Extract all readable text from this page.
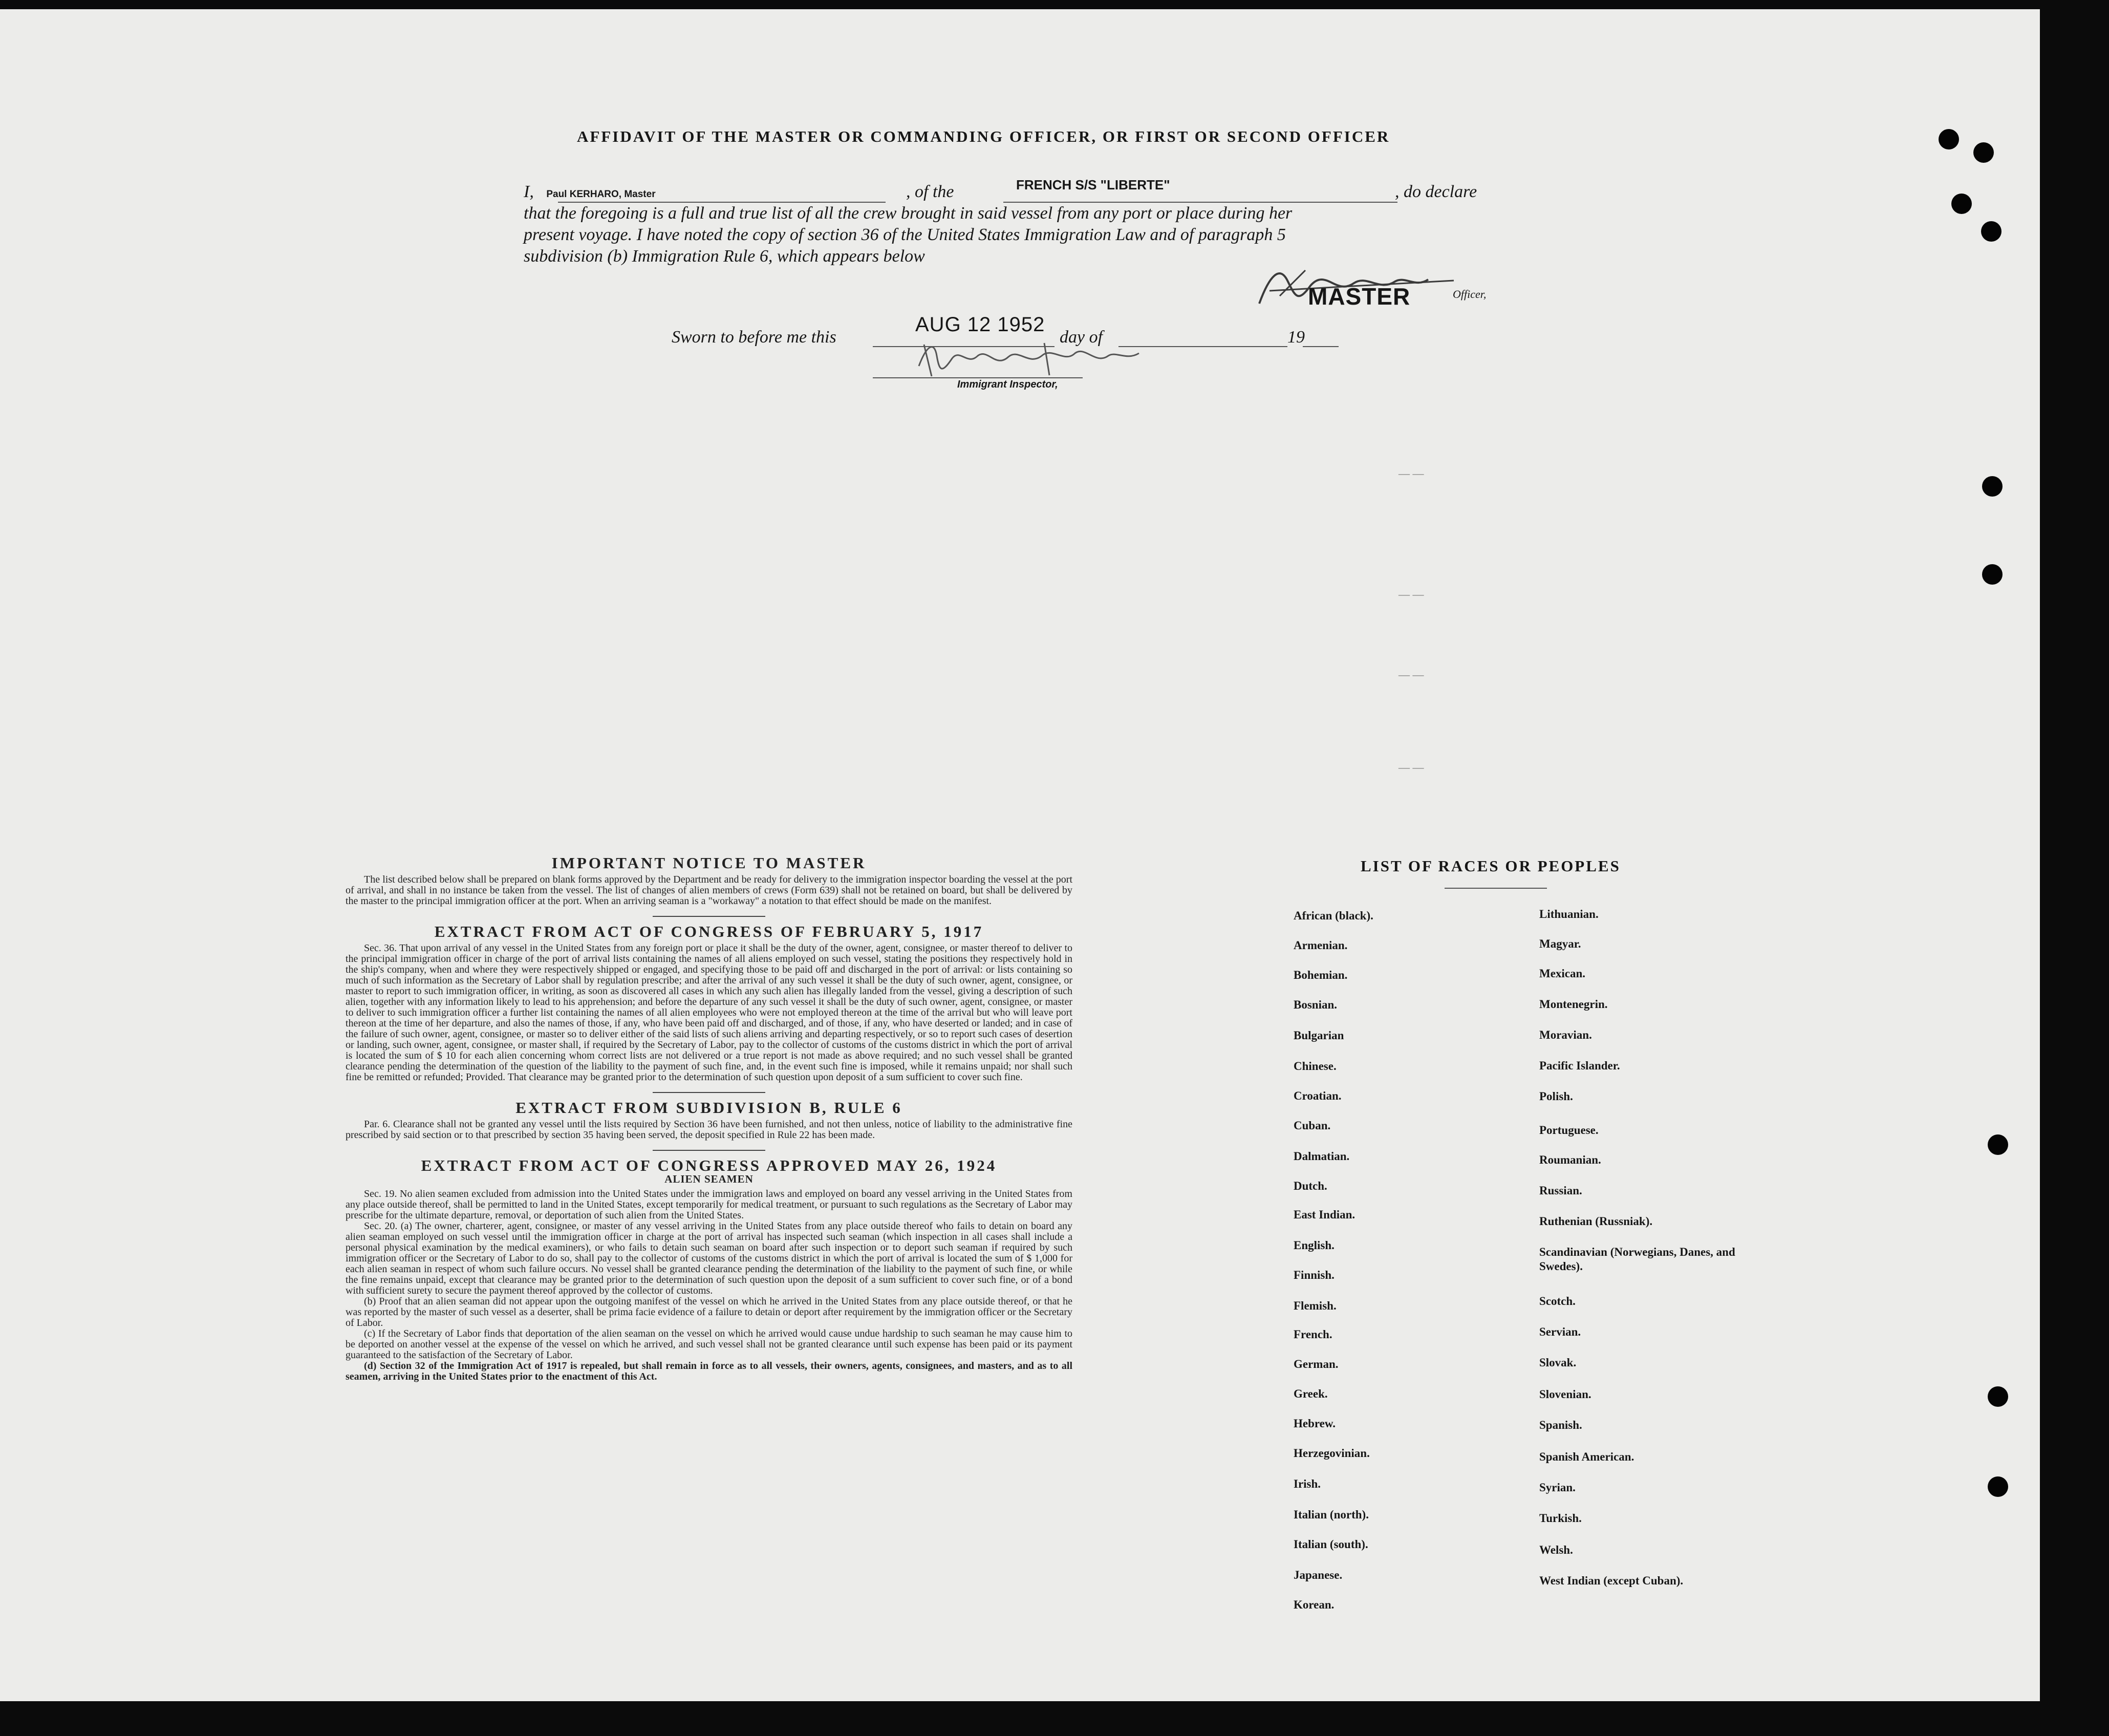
AFFIDAVIT OF THE MASTER OR COMMANDING OFFICER, OR FIRST OR SECOND OFFICER
I, Paul KERHARO, Master	, of the	FRENCH S/S "LIBERTE"	, do declare
that the foregoing is a full and true list of all the crew brought in said vessel from any port or place during her
present voyage. I have noted the copy of section 36 of the United States Immigration Law and of paragraph 5
subdivision (b) Immigration Rule 6, which appears below
MASTER	Officer,
Sworn to before me this
AUG 12 1952
day of	19
Immigrant Inspector,
— —
— —
— —
— —
IMPORTANT NOTICE TO MASTER

The list described below shall be prepared on blank forms approved by the Department and be ready for delivery to the immigration inspector boarding the vessel at the port of arrival, and shall in no instance be taken from the vessel. The list of changes of alien members of crews (Form 639) shall not be retained on board, but shall be delivered by the master to the principal immigration officer at the port. When an arriving seaman is a "workaway" a notation to that effect should be made on the manifest.

EXTRACT FROM ACT OF CONGRESS OF FEBRUARY 5, 1917

Sec. 36. That upon arrival of any vessel in the United States from any foreign port or place it shall be the duty of the owner, agent, consignee, or master thereof to deliver to the principal immigration officer in charge of the port of arrival lists containing the names of all aliens employed on such vessel, stating the positions they respectively hold in the ship's company, when and where they were respectively shipped or engaged, and specifying those to be paid off and discharged in the port of arrival: or lists containing so much of such information as the Secretary of Labor shall by regulation prescribe; and after the arrival of any such vessel it shall be the duty of such owner, agent, consignee, or master to report to such immigration officer, in writing, as soon as discovered all cases in which any such alien has illegally landed from the vessel, giving a description of such alien, together with any information likely to lead to his apprehension; and before the departure of any such vessel it shall be the duty of such owner, agent, consignee, or master to deliver to such immigration officer a further list containing the names of all alien employees who were not employed thereon at the time of the arrival but who will leave port thereon at the time of her departure, and also the names of those, if any, who have been paid off and discharged, and of those, if any, who have deserted or landed; and in case of the failure of such owner, agent, consignee, or master so to deliver either of the said lists of such aliens arriving and departing respectively, or so to report such cases of desertion or landing, such owner, agent, consignee, or master shall, if required by the Secretary of Labor, pay to the collector of customs of the customs district in which the port of arrival is located the sum of $ 10 for each alien concerning whom correct lists are not delivered or a true report is not made as above required; and no such vessel shall be granted clearance pending the determination of the question of the liability to the payment of such fine, and, in the event such fine is imposed, while it remains unpaid; nor shall such fine be remitted or refunded; Provided. That clearance may be granted prior to the determination of such question upon deposit of a sum sufficient to cover such fine.

EXTRACT FROM SUBDIVISION B, RULE 6

Par. 6. Clearance shall not be granted any vessel until the lists required by Section 36 have been furnished, and not then unless, notice of liability to the administrative fine prescribed by said section or to that prescribed by section 35 having been served, the deposit specified in Rule 22 has been made.

EXTRACT FROM ACT OF CONGRESS APPROVED MAY 26, 1924
ALIEN SEAMEN

Sec. 19. No alien seamen excluded from admission into the United States under the immigration laws and employed on board any vessel arriving in the United States from any place outside thereof, shall be permitted to land in the United States, except temporarily for medical treatment, or pursuant to such regulations as the Secretary of Labor may prescribe for the ultimate departure, removal, or deportation of such alien from the United States.

Sec. 20. (a) The owner, charterer, agent, consignee, or master of any vessel arriving in the United States from any place outside thereof who fails to detain on board any alien seaman employed on such vessel until the immigration officer in charge at the port of arrival has inspected such seaman (which inspection in all cases shall include a personal physical examination by the medical examiners), or who fails to detain such seaman on board after such inspection or to deport such seaman if required by such immigration officer or the Secretary of Labor to do so, shall pay to the collector of customs of the customs district in which the port of arrival is located the sum of $ 1,000 for each alien seaman in respect of whom such failure occurs. No vessel shall be granted clearance pending the determination of the liability to the payment of such fine, or while the fine remains unpaid, except that clearance may be granted prior to the determination of such question upon the deposit of a sum sufficient to cover such fine, or of a bond with sufficient surety to secure the payment thereof approved by the collector of customs.

(b) Proof that an alien seaman did not appear upon the outgoing manifest of the vessel on which he arrived in the United States from any place outside thereof, or that he was reported by the master of such vessel as a deserter, shall be prima facie evidence of a failure to detain or deport after requirement by the immigration officer or the Secretary of Labor.

(c) If the Secretary of Labor finds that deportation of the alien seaman on the vessel on which he arrived would cause undue hardship to such seaman he may cause him to be deported on another vessel at the expense of the vessel on which he arrived, and such vessel shall not be granted clearance until such expense has been paid or its payment guaranteed to the satisfaction of the Secretary of Labor.

(d) Section 32 of the Immigration Act of 1917 is repealed, but shall remain in force as to all vessels, their owners, agents, consignees, and masters, and as to all seamen, arriving in the United States prior to the enactment of this Act.

LIST OF RACES OR PEOPLES
African (black).
Armenian.
Bohemian.
Bosnian.
Bulgarian
Chinese.
Croatian.
Cuban.
Dalmatian.
Dutch.
East Indian.
English.
Finnish.
Flemish.
French.
German.
Greek.
Hebrew.
Herzegovinian.
Irish.
Italian (north).
Italian (south).
Japanese.
Korean.
Lithuanian.
Magyar.
Mexican.
Montenegrin.
Moravian.
Pacific Islander.
Polish.
Portuguese.
Roumanian.
Russian.
Ruthenian (Russniak).
Scandinavian (Norwegians, Danes, and Swedes).
Scotch.
Servian.
Slovak.
Slovenian.
Spanish.
Spanish American.
Syrian.
Turkish.
Welsh.
West Indian (except Cuban).
